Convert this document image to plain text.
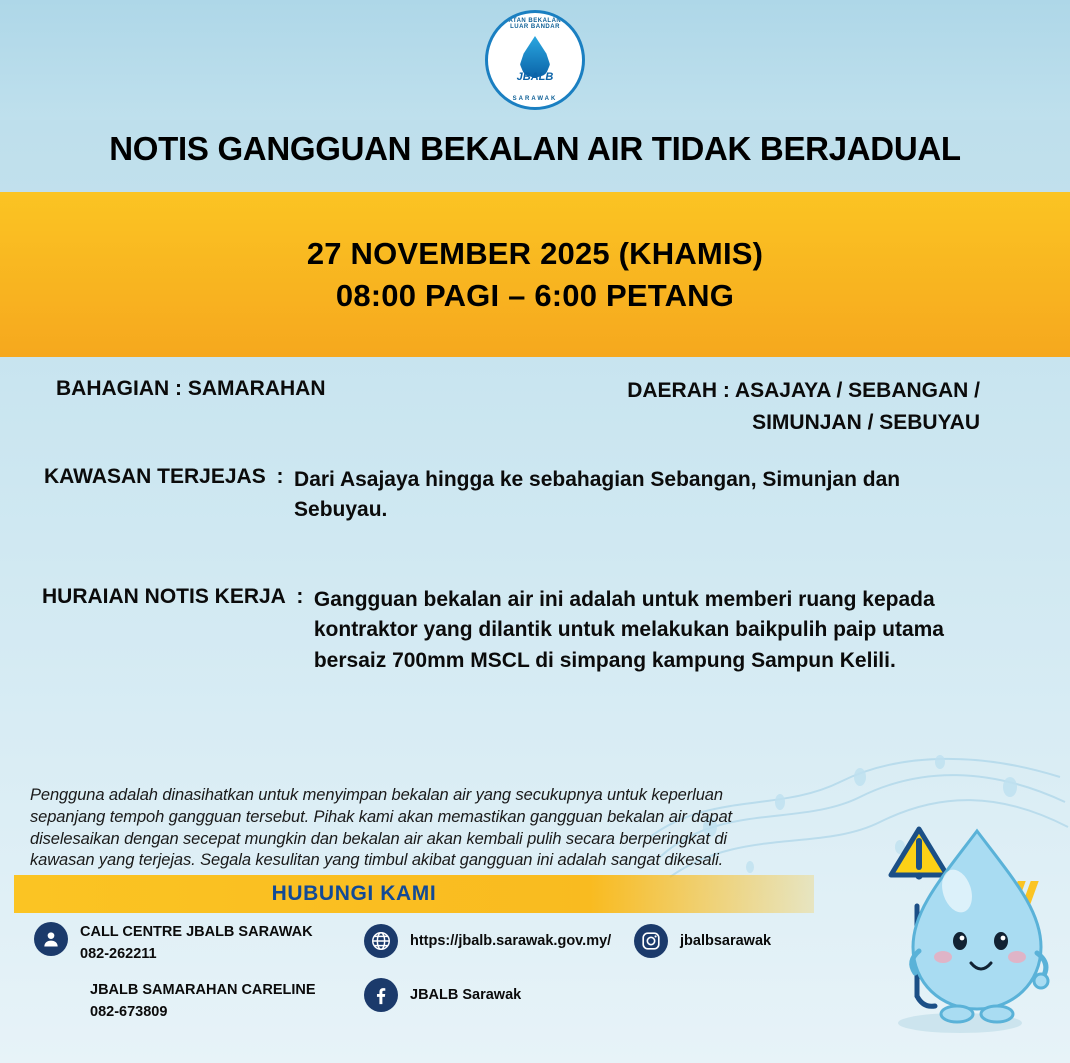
JABATAN BEKALAN AIR LUAR BANDAR
JBALB
SARAWAK
NOTIS GANGGUAN BEKALAN AIR TIDAK BERJADUAL
27 NOVEMBER 2025 (KHAMIS)
08:00 PAGI – 6:00 PETANG
BAHAGIAN : SAMARAHAN	DAERAH : ASAJAYA / SEBANGAN / SIMUNJAN / SEBUYAU
KAWASAN TERJEJAS : Dari Asajaya hingga ke sebahagian Sebangan, Simunjan dan Sebuyau.
HURAIAN NOTIS KERJA : Gangguan bekalan air ini adalah untuk memberi ruang kepada kontraktor yang dilantik untuk melakukan baikpulih paip utama bersaiz 700mm MSCL di simpang kampung Sampun Kelili.
Pengguna adalah dinasihatkan untuk menyimpan bekalan air yang secukupnya untuk keperluan sepanjang tempoh gangguan tersebut. Pihak kami akan memastikan gangguan bekalan air dapat diselesaikan dengan secepat mungkin dan bekalan air akan kembali pulih secara berperingkat di kawasan yang terjejas. Segala kesulitan yang timbul akibat gangguan ini adalah sangat dikesali.
HUBUNGI KAMI
CALL CENTRE JBALB SARAWAK
082-262211
JBALB SAMARAHAN CARELINE
082-673809
https://jbalb.sarawak.gov.my/
JBALB Sarawak
jbalbsarawak
